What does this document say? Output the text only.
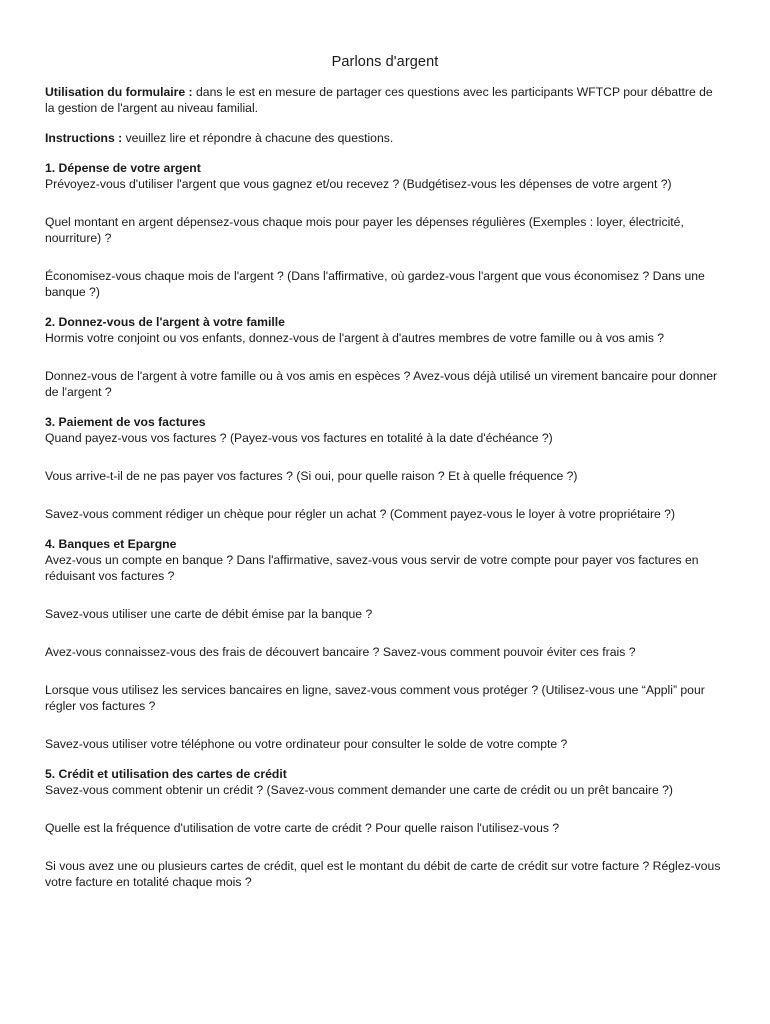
Parlons d'argent
Utilisation du formulaire : dans le est en mesure de partager ces questions avec les participants WFTCP pour débattre de la gestion de l'argent au niveau familial.
Instructions : veuillez lire et répondre à chacune des questions.
1. Dépense de votre argent
Prévoyez-vous d'utiliser l'argent que vous gagnez et/ou recevez ? (Budgétisez-vous les dépenses de votre argent ?)
Quel montant en argent dépensez-vous chaque mois pour payer les dépenses régulières (Exemples : loyer, électricité, nourriture) ?
Économisez-vous chaque mois de l'argent ? (Dans l'affirmative, où gardez-vous l'argent que vous économisez ? Dans une banque ?)
2. Donnez-vous de l'argent à votre famille
Hormis votre conjoint ou vos enfants, donnez-vous de l'argent à d'autres membres de votre famille ou à vos amis ?
Donnez-vous de l'argent à votre famille ou à vos amis en espèces ? Avez-vous déjà utilisé un virement bancaire pour donner de l'argent ?
3. Paiement de vos factures
Quand payez-vous vos factures ? (Payez-vous vos factures en totalité à la date d'échéance ?)
Vous arrive-t-il de ne pas payer vos factures ? (Si oui, pour quelle raison ? Et à quelle fréquence ?)
Savez-vous comment rédiger un chèque pour régler un achat ? (Comment payez-vous le loyer à votre propriétaire ?)
4. Banques et Epargne
Avez-vous un compte en banque ? Dans l'affirmative, savez-vous vous servir de votre compte pour payer vos factures en réduisant vos factures ?
Savez-vous utiliser une carte de débit émise par la banque ?
Avez-vous connaissez-vous des frais de découvert bancaire ? Savez-vous comment pouvoir éviter ces frais ?
Lorsque vous utilisez les services bancaires en ligne, savez-vous comment vous protéger ? (Utilisez-vous une “Appli” pour régler vos factures ?
Savez-vous utiliser votre téléphone ou votre ordinateur pour consulter le solde de votre compte ?
5. Crédit et utilisation des cartes de crédit
Savez-vous comment obtenir un crédit ? (Savez-vous comment demander une carte de crédit ou un prêt bancaire ?)
Quelle est la fréquence d'utilisation de votre carte de crédit ? Pour quelle raison l'utilisez-vous ?
Si vous avez une ou plusieurs cartes de crédit, quel est le montant du débit de carte de crédit sur votre facture ? Réglez-vous votre facture en totalité chaque mois ?
